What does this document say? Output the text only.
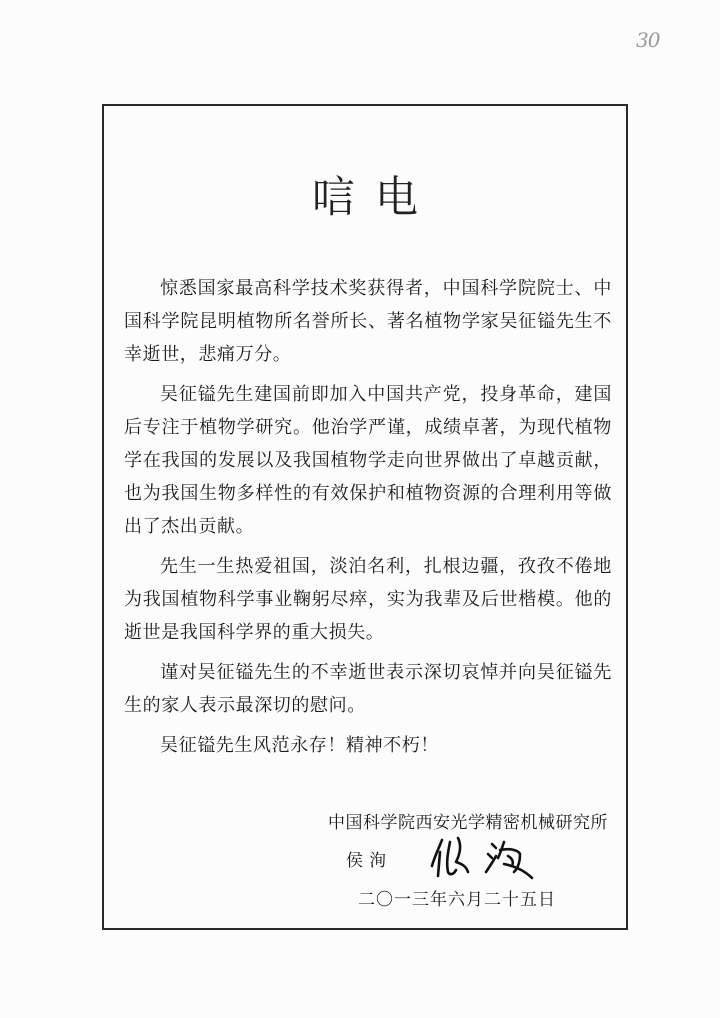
30
唁电

惊悉国家最高科学技术奖获得者，中国科学院院士、中国科学院昆明植物所名誉所长、著名植物学家吴征镒先生不幸逝世，悲痛万分。

吴征镒先生建国前即加入中国共产党，投身革命，建国后专注于植物学研究。他治学严谨，成绩卓著，为现代植物学在我国的发展以及我国植物学走向世界做出了卓越贡献，也为我国生物多样性的有效保护和植物资源的合理利用等做出了杰出贡献。

先生一生热爱祖国，淡泊名利，扎根边疆，孜孜不倦地为我国植物科学事业鞠躬尽瘁，实为我辈及后世楷模。他的逝世是我国科学界的重大损失。

谨对吴征镒先生的不幸逝世表示深切哀悼并向吴征镒先生的家人表示最深切的慰问。

吴征镒先生风范永存！精神不朽！

中国科学院西安光学精密机械研究所
侯洵
二〇一三年六月二十五日
